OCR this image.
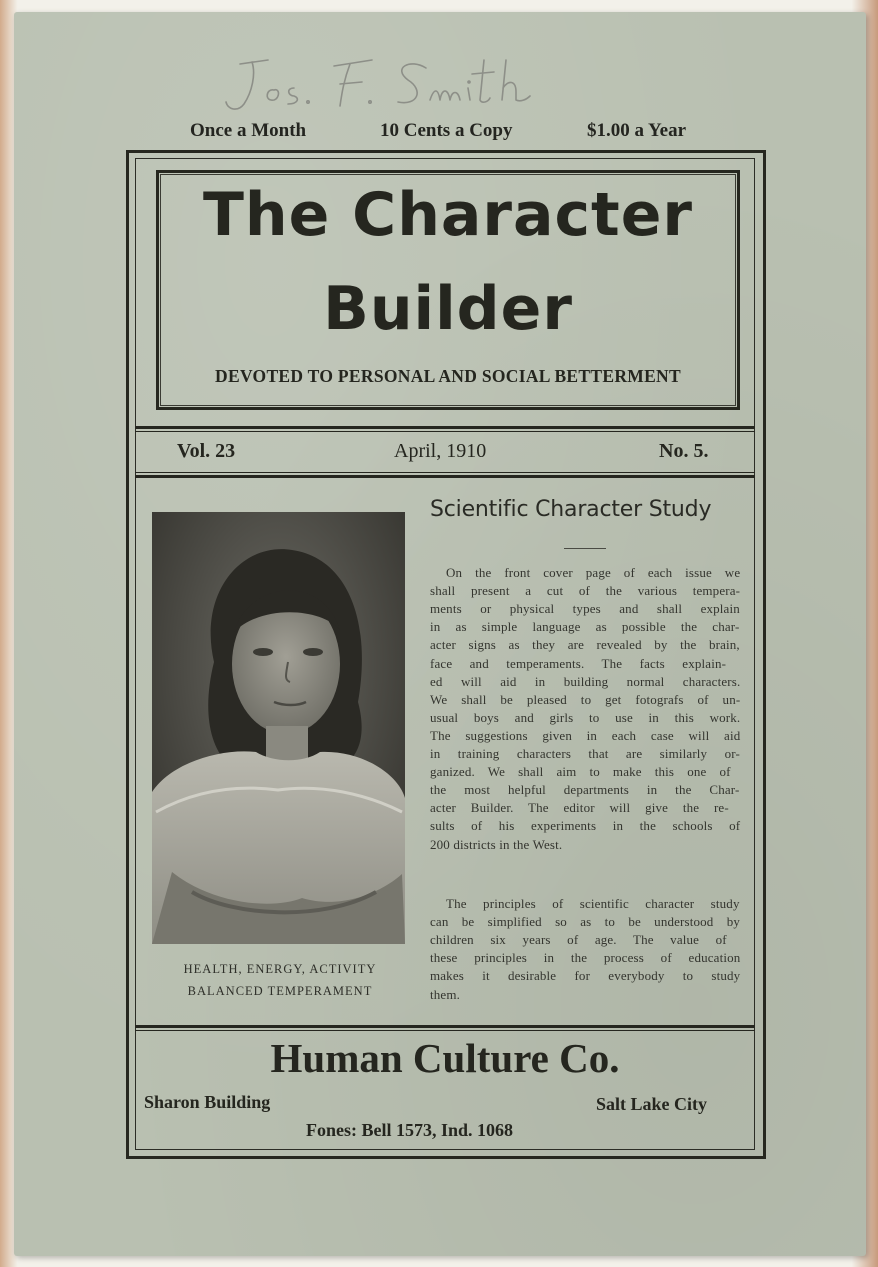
Once a Month	10 Cents a Copy	$1.00 a Year
The Character
Builder
DEVOTED TO PERSONAL AND SOCIAL BETTERMENT
Vol. 23	April, 1910	No. 5.
HEALTH, ENERGY, ACTIVITY
BALANCED TEMPERAMENT
Scientific Character Study
On the front cover page of each issue we
shall present a cut of the various tempera-
ments or physical types and shall explain
in as simple language as possible the char-
acter signs as they are revealed by the brain,
face and temperaments. The facts explain-
ed will aid in building normal characters.
We shall be pleased to get fotografs of un-
usual boys and girls to use in this work.
The suggestions given in each case will aid
in training characters that are similarly or-
ganized. We shall aim to make this one of
the most helpful departments in the Char-
acter Builder. The editor will give the re-
sults of his experiments in the schools of
200 districts in the West.
The principles of scientific character study
can be simplified so as to be understood by
children six years of age. The value of
these principles in the process of education
makes it desirable for everybody to study
them.
Human Culture Co.
Sharon Building	Salt Lake City
Fones: Bell 1573, Ind. 1068
